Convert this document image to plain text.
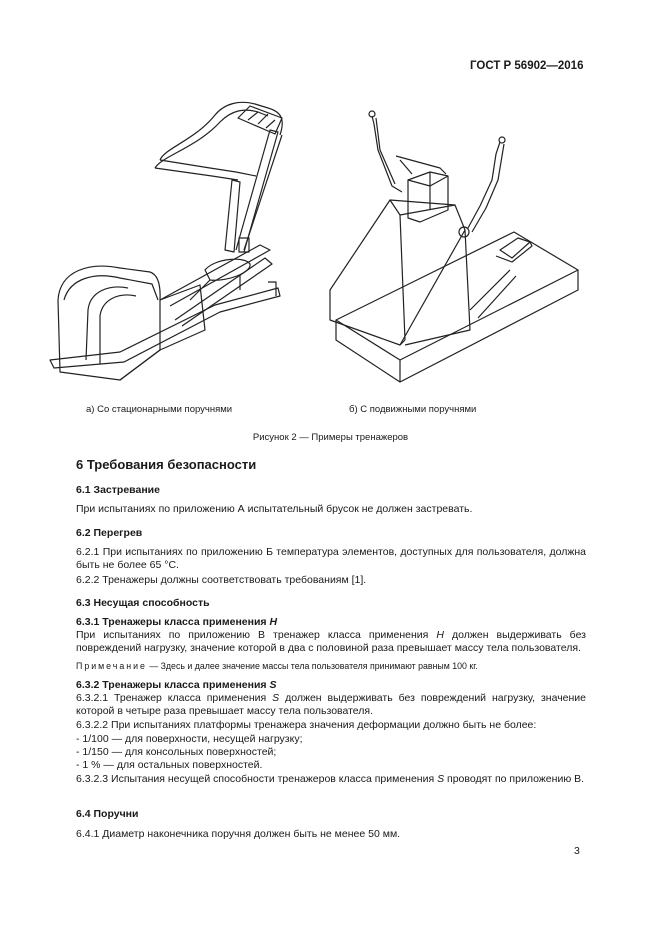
ГОСТ Р 56902—2016
а) Со стационарными поручнями	б) С подвижными поручнями
Рисунок 2 — Примеры тренажеров
6 Требования безопасности
6.1 Застревание
При испытаниях по приложению А испытательный брусок не должен застревать.
6.2 Перегрев
6.2.1 При испытаниях по приложению Б температура элементов, доступных для пользователя, должна быть не более 65 °С.
6.2.2 Тренажеры должны соответствовать требованиям [1].
6.3 Несущая способность
6.3.1 Тренажеры класса применения H
При испытаниях по приложению В тренажер класса применения H должен выдерживать без повреждений нагрузку, значение которой в два с половиной раза превышает массу тела пользователя.
Примечание — Здесь и далее значение массы тела пользователя принимают равным 100 кг.
6.3.2 Тренажеры класса применения S
6.3.2.1 Тренажер класса применения S должен выдерживать без повреждений нагрузку, значение которой в четыре раза превышает массу тела пользователя.
6.3.2.2 При испытаниях платформы тренажера значения деформации должно быть не более:
- 1/100 — для поверхности, несущей нагрузку;
- 1/150 — для консольных поверхностей;
- 1 % — для остальных поверхностей.
6.3.2.3 Испытания несущей способности тренажеров класса применения S проводят по приложению В.
6.4 Поручни
6.4.1 Диаметр наконечника поручня должен быть не менее 50 мм.
3
